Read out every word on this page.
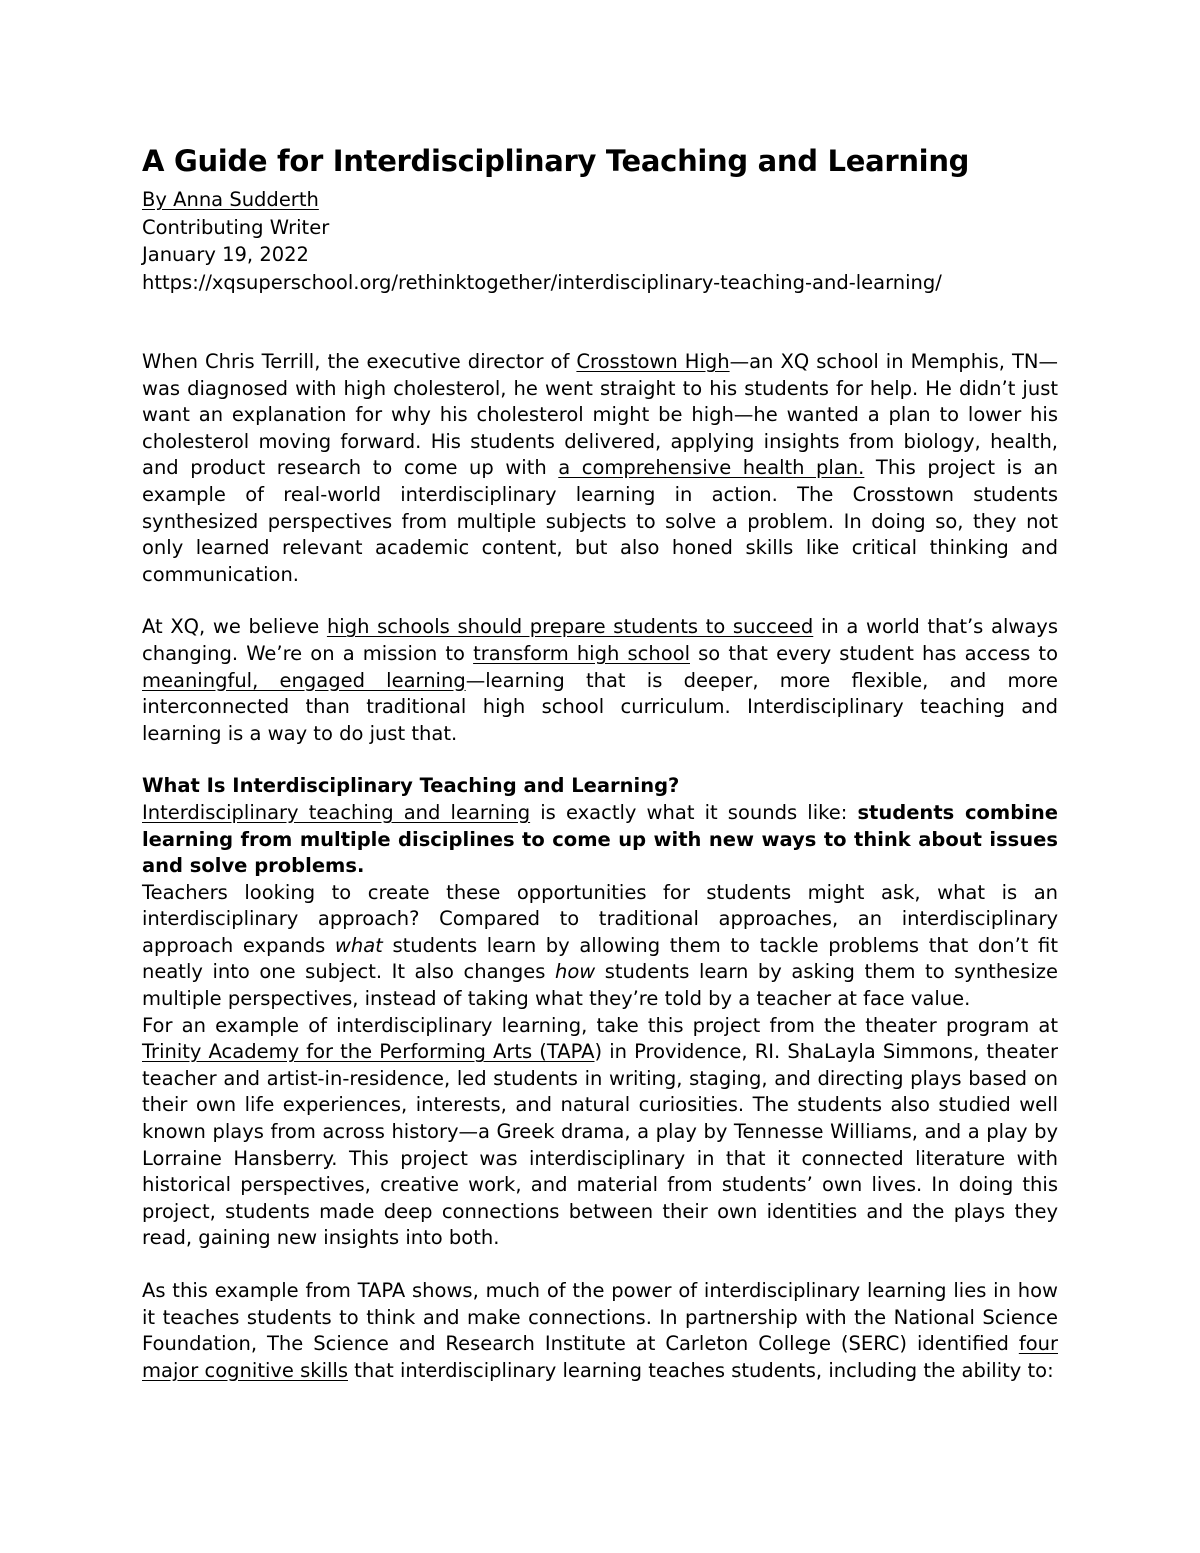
A Guide for Interdisciplinary Teaching and Learning
By Anna Sudderth
Contributing Writer
January 19, 2022
https://xqsuperschool.org/rethinktogether/interdisciplinary-teaching-and-learning/

When Chris Terrill, the executive director of Crosstown High—an XQ school in Memphis, TN—was diagnosed with high cholesterol, he went straight to his students for help. He didn’t just want an explanation for why his cholesterol might be high—he wanted a plan to lower his cholesterol moving forward. His students delivered, applying insights from biology, health, and product research to come up with a comprehensive health plan. This project is an example of real-world interdisciplinary learning in action. The Crosstown students synthesized perspectives from multiple subjects to solve a problem. In doing so, they not only learned relevant academic content, but also honed skills like critical thinking and communication.

At XQ, we believe high schools should prepare students to succeed in a world that’s always changing. We’re on a mission to transform high school so that every student has access to meaningful, engaged learning—learning that is deeper, more flexible, and more interconnected than traditional high school curriculum. Interdisciplinary teaching and learning is a way to do just that.

What Is Interdisciplinary Teaching and Learning?

Interdisciplinary teaching and learning is exactly what it sounds like: students combine learning from multiple disciplines to come up with new ways to think about issues and solve problems.

Teachers looking to create these opportunities for students might ask, what is an interdisciplinary approach? Compared to traditional approaches, an interdisciplinary approach expands what students learn by allowing them to tackle problems that don’t fit neatly into one subject. It also changes how students learn by asking them to synthesize multiple perspectives, instead of taking what they’re told by a teacher at face value.

For an example of interdisciplinary learning, take this project from the theater program at Trinity Academy for the Performing Arts (TAPA) in Providence, RI. ShaLayla Simmons, theater teacher and artist-in-residence, led students in writing, staging, and directing plays based on their own life experiences, interests, and natural curiosities. The students also studied well known plays from across history—a Greek drama, a play by Tennesse Williams, and a play by Lorraine Hansberry. This project was interdisciplinary in that it connected literature with historical perspectives, creative work, and material from students’ own lives. In doing this project, students made deep connections between their own identities and the plays they read, gaining new insights into both.

As this example from TAPA shows, much of the power of interdisciplinary learning lies in how it teaches students to think and make connections. In partnership with the National Science Foundation, The Science and Research Institute at Carleton College (SERC) identified four major cognitive skills that interdisciplinary learning teaches students, including the ability to:
